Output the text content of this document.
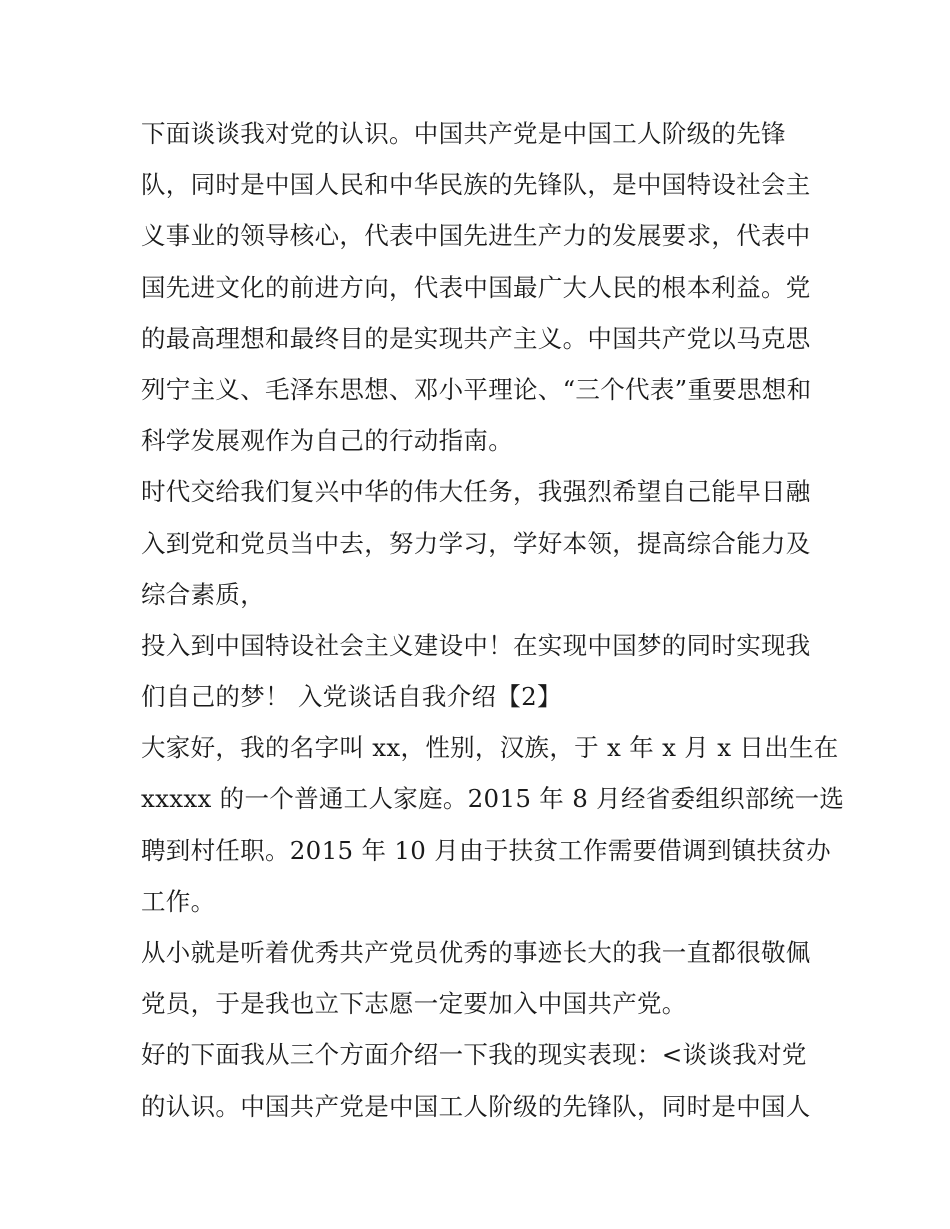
下面谈谈我对党的认识。中国共产党是中国工人阶级的先锋
队，同时是中国人民和中华民族的先锋队，是中国特设社会主
义事业的领导核心，代表中国先进生产力的发展要求，代表中
国先进文化的前进方向，代表中国最广大人民的根本利益。党
的最高理想和最终目的是实现共产主义。中国共产党以马克思
列宁主义、毛泽东思想、邓小平理论、“三个代表”重要思想和
科学发展观作为自己的行动指南。
时代交给我们复兴中华的伟大任务，我强烈希望自己能早日融
入到党和党员当中去，努力学习，学好本领，提高综合能力及
综合素质，
投入到中国特设社会主义建设中！在实现中国梦的同时实现我
们自己的梦！ 入党谈话自我介绍【2】
大家好，我的名字叫 xx，性别，汉族，于 x 年 x 月 x 日出生在
xxxxx 的一个普通工人家庭。2015 年 8 月经省委组织部统一选
聘到村任职。2015 年 10 月由于扶贫工作需要借调到镇扶贫办
工作。
从小就是听着优秀共产党员优秀的事迹长大的我一直都很敬佩
党员，于是我也立下志愿一定要加入中国共产党。
好的下面我从三个方面介绍一下我的现实表现：<谈谈我对党
的认识。中国共产党是中国工人阶级的先锋队，同时是中国人
